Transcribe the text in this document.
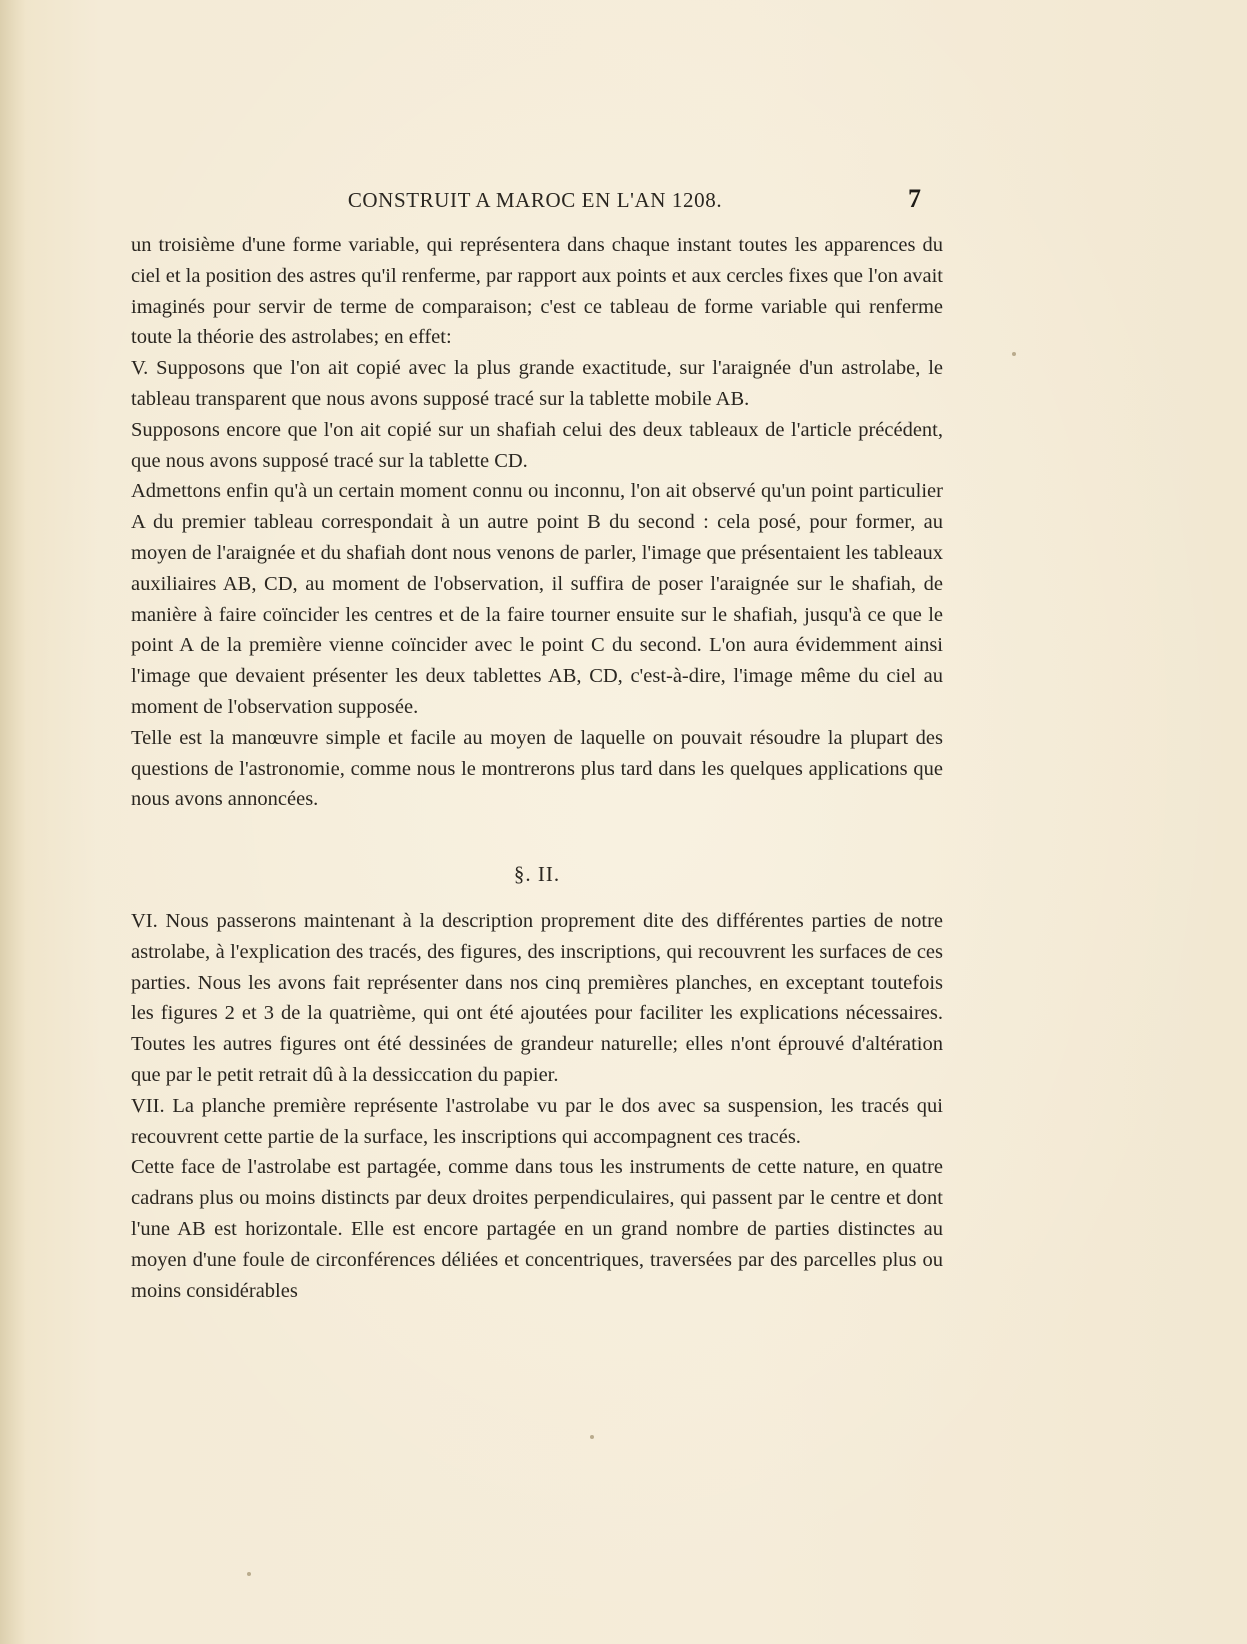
CONSTRUIT A MAROC EN L'AN 1208.	7

un troisième d'une forme variable, qui représentera dans chaque instant toutes les apparences du ciel et la position des astres qu'il renferme, par rapport aux points et aux cercles fixes que l'on avait imaginés pour servir de terme de comparaison; c'est ce tableau de forme variable qui renferme toute la théorie des astrolabes; en effet:

V. Supposons que l'on ait copié avec la plus grande exactitude, sur l'araignée d'un astrolabe, le tableau transparent que nous avons supposé tracé sur la tablette mobile AB.

Supposons encore que l'on ait copié sur un shafiah celui des deux tableaux de l'article précédent, que nous avons supposé tracé sur la tablette CD.

Admettons enfin qu'à un certain moment connu ou inconnu, l'on ait observé qu'un point particulier A du premier tableau correspondait à un autre point B du second : cela posé, pour former, au moyen de l'araignée et du shafiah dont nous venons de parler, l'image que présentaient les tableaux auxiliaires AB, CD, au moment de l'observation, il suffira de poser l'araignée sur le shafiah, de manière à faire coïncider les centres et de la faire tourner ensuite sur le shafiah, jusqu'à ce que le point A de la première vienne coïncider avec le point C du second. L'on aura évidemment ainsi l'image que devaient présenter les deux tablettes AB, CD, c'est-à-dire, l'image même du ciel au moment de l'observation supposée.

Telle est la manœuvre simple et facile au moyen de laquelle on pouvait résoudre la plupart des questions de l'astronomie, comme nous le montrerons plus tard dans les quelques applications que nous avons annoncées.

§. II.

VI. Nous passerons maintenant à la description proprement dite des différentes parties de notre astrolabe, à l'explication des tracés, des figures, des inscriptions, qui recouvrent les surfaces de ces parties. Nous les avons fait représenter dans nos cinq premières planches, en exceptant toutefois les figures 2 et 3 de la quatrième, qui ont été ajoutées pour faciliter les explications nécessaires. Toutes les autres figures ont été dessinées de grandeur naturelle; elles n'ont éprouvé d'altération que par le petit retrait dû à la dessiccation du papier.

VII. La planche première représente l'astrolabe vu par le dos avec sa suspension, les tracés qui recouvrent cette partie de la surface, les inscriptions qui accompagnent ces tracés.

Cette face de l'astrolabe est partagée, comme dans tous les instruments de cette nature, en quatre cadrans plus ou moins distincts par deux droites perpendiculaires, qui passent par le centre et dont l'une AB est horizontale. Elle est encore partagée en un grand nombre de parties distinctes au moyen d'une foule de circonférences déliées et concentriques, traversées par des parcelles plus ou moins considérables
